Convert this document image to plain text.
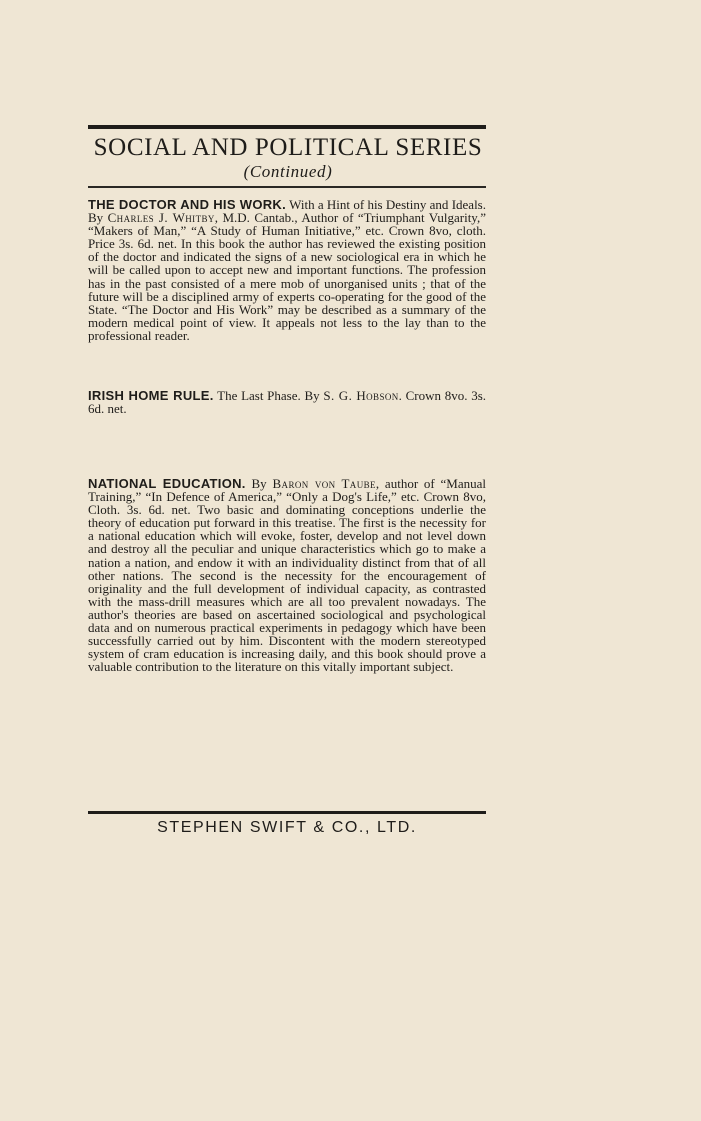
SOCIAL AND POLITICAL SERIES
(Continued)
THE DOCTOR AND HIS WORK. With a Hint of his Destiny and Ideals. By Charles J. Whitby, M.D. Cantab., Author of “Triumphant Vulgarity,” “Makers of Man,” “A Study of Human Initiative,” etc. Crown 8vo, cloth. Price 3s. 6d. net. In this book the author has reviewed the existing position of the doctor and indicated the signs of a new sociological era in which he will be called upon to accept new and important functions. The profession has in the past consisted of a mere mob of unorganised units ; that of the future will be a disciplined army of experts co-operating for the good of the State. “The Doctor and His Work” may be described as a summary of the modern medical point of view. It appeals not less to the lay than to the professional reader.
IRISH HOME RULE. The Last Phase. By S. G. Hobson. Crown 8vo. 3s. 6d. net.
NATIONAL EDUCATION. By Baron von Taube, author of “Manual Training,” “In Defence of America,” “Only a Dog's Life,” etc. Crown 8vo, Cloth. 3s. 6d. net. Two basic and dominating conceptions underlie the theory of education put forward in this treatise. The first is the necessity for a national education which will evoke, foster, develop and not level down and destroy all the peculiar and unique characteristics which go to make a nation a nation, and endow it with an individuality distinct from that of all other nations. The second is the necessity for the encouragement of originality and the full development of individual capacity, as contrasted with the mass-drill measures which are all too prevalent nowadays. The author's theories are based on ascertained sociological and psychological data and on numerous practical experiments in pedagogy which have been successfully carried out by him. Discontent with the modern stereotyped system of cram education is increasing daily, and this book should prove a valuable contribution to the literature on this vitally important subject.
STEPHEN SWIFT & CO., LTD.
